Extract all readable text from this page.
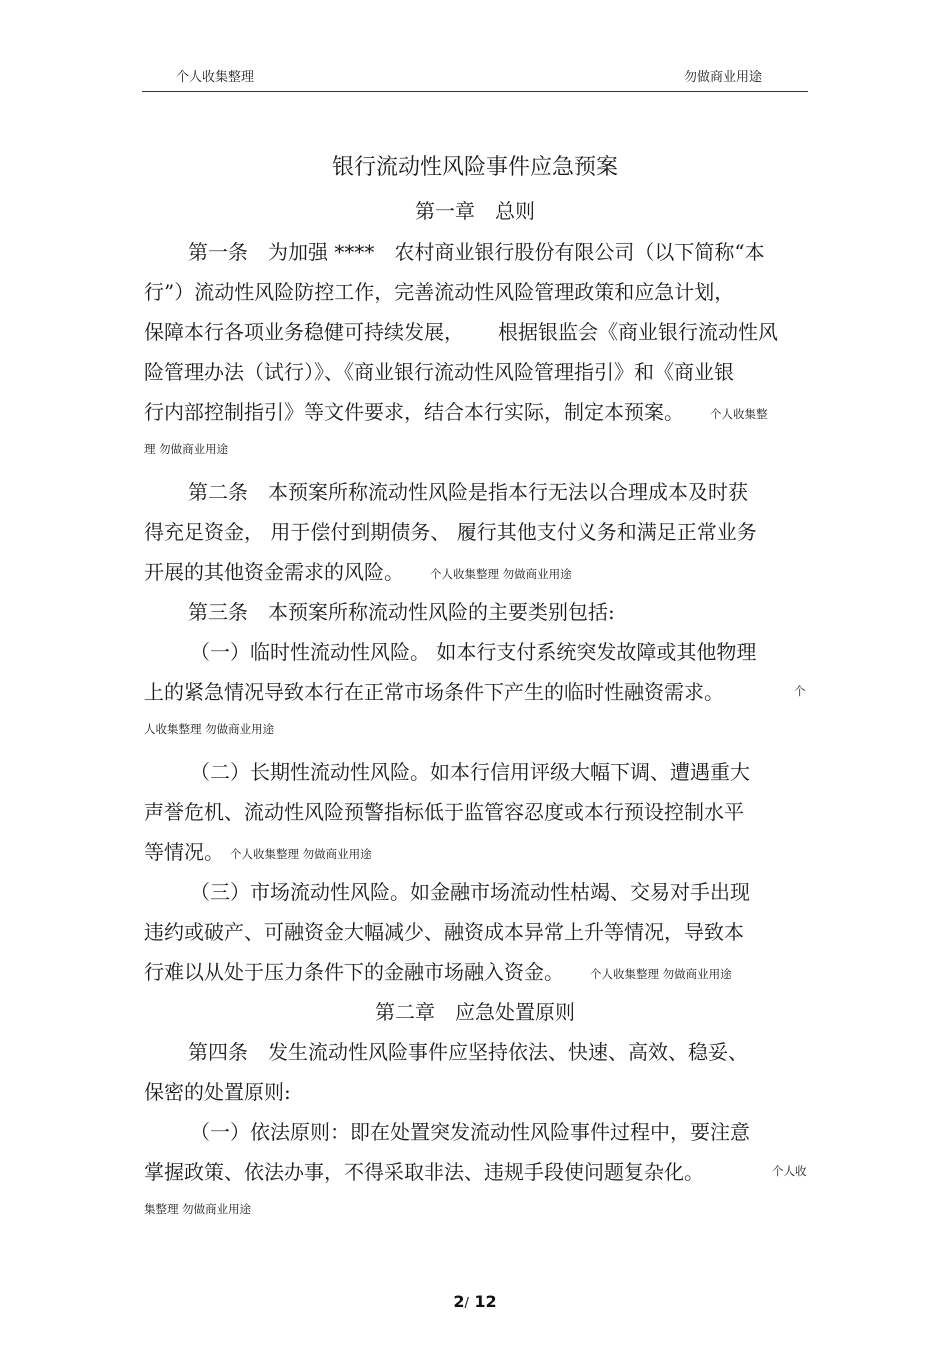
个人收集整理	勿做商业用途
银行流动性风险事件应急预案
第一章　总则
第一条　为加强 ****　农村商业银行股份有限公司（以下简称“本
行”）流动性风险防控工作，完善流动性风险管理政策和应急计划，
保障本行各项业务稳健可持续发展， 根据银监会《商业银行流动性风
险管理办法（试行）》、《商业银行流动性风险管理指引》和《商业银
行内部控制指引》等文件要求，结合本行实际，制定本预案。 个人收集整
理 勿做商业用途
第二条　本预案所称流动性风险是指本行无法以合理成本及时获
得充足资金， 用于偿付到期债务、 履行其他支付义务和满足正常业务
开展的其他资金需求的风险。 个人收集整理 勿做商业用途
第三条　本预案所称流动性风险的主要类别包括:
（一）临时性流动性风险。 如本行支付系统突发故障或其他物理
上的紧急情况导致本行在正常市场条件下产生的临时性融资需求。	个
人收集整理 勿做商业用途
（二）长期性流动性风险。如本行信用评级大幅下调、遭遇重大
声誉危机、流动性风险预警指标低于监管容忍度或本行预设控制水平
等情况。 个人收集整理 勿做商业用途
（三）市场流动性风险。如金融市场流动性枯竭、交易对手出现
违约或破产、可融资金大幅减少、融资成本异常上升等情况，导致本
行难以从处于压力条件下的金融市场融入资金。 个人收集整理 勿做商业用途
第二章　应急处置原则
第四条　发生流动性风险事件应坚持依法、快速、高效、稳妥、
保密的处置原则:
（一）依法原则：即在处置突发流动性风险事件过程中，要注意
掌握政策、依法办事，不得采取非法、违规手段使问题复杂化。	个人收
集整理 勿做商业用途
2/ 12
